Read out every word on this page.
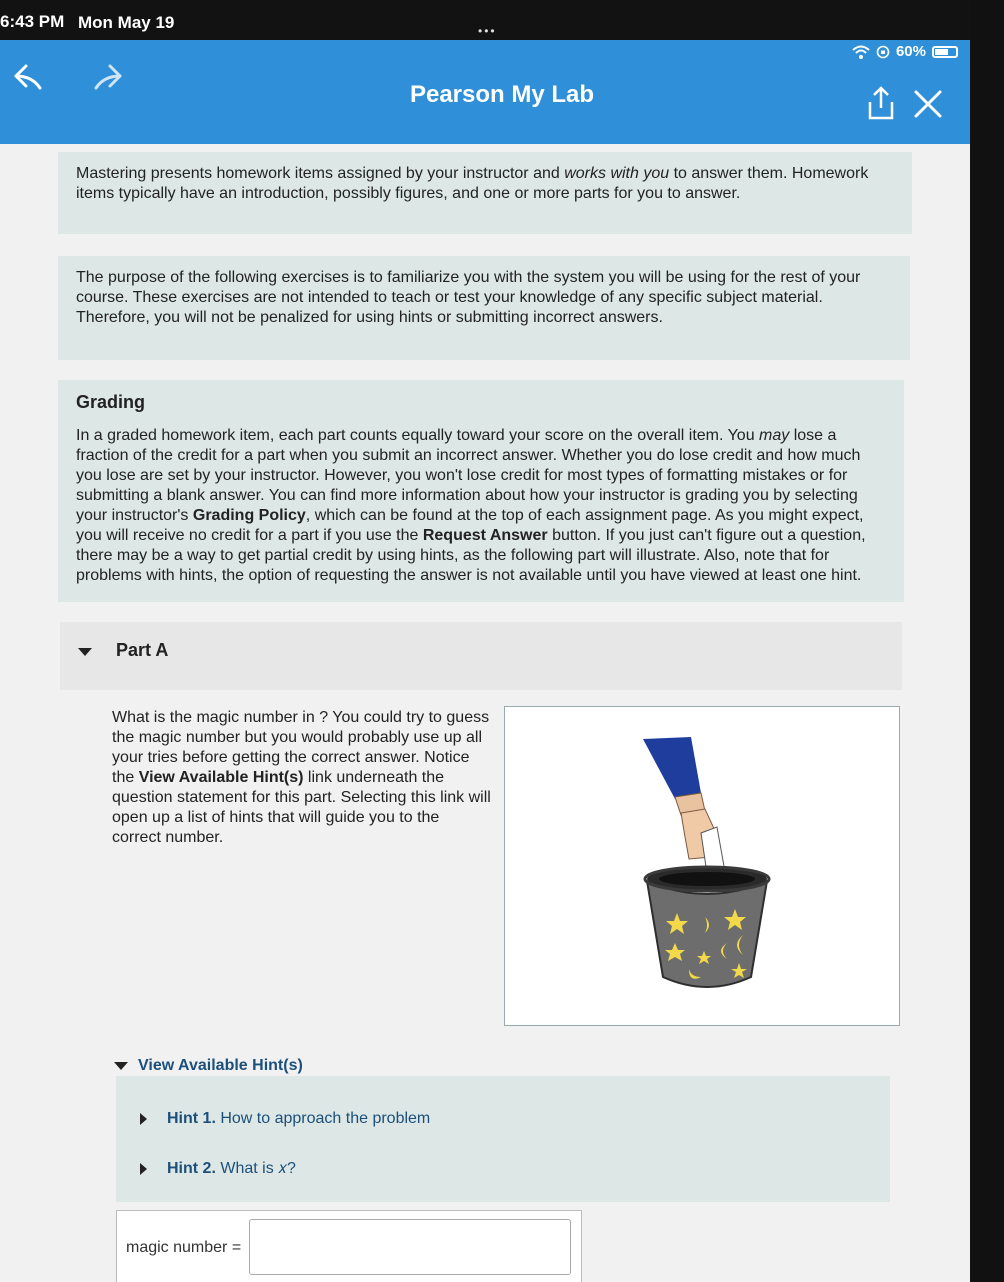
6:43 PM Mon May 19	•••
60%
Pearson My Lab
Mastering presents homework items assigned by your instructor and works with you to answer them. Homework items typically have an introduction, possibly figures, and one or more parts for you to answer.
The purpose of the following exercises is to familiarize you with the system you will be using for the rest of your course. These exercises are not intended to teach or test your knowledge of any specific subject material. Therefore, you will not be penalized for using hints or submitting incorrect answers.
Grading
In a graded homework item, each part counts equally toward your score on the overall item. You may lose a fraction of the credit for a part when you submit an incorrect answer. Whether you do lose credit and how much you lose are set by your instructor. However, you won't lose credit for most types of formatting mistakes or for submitting a blank answer. You can find more information about how your instructor is grading you by selecting your instructor's Grading Policy, which can be found at the top of each assignment page. As you might expect, you will receive no credit for a part if you use the Request Answer button. If you just can't figure out a question, there may be a way to get partial credit by using hints, as the following part will illustrate. Also, note that for problems with hints, the option of requesting the answer is not available until you have viewed at least one hint.
Part A
What is the magic number in ? You could try to guess the magic number but you would probably use up all your tries before getting the correct answer. Notice the View Available Hint(s) link underneath the question statement for this part. Selecting this link will open up a list of hints that will guide you to the correct number.
View Available Hint(s)
Hint 1. How to approach the problem
Hint 2. What is 𝑥?
magic number =
